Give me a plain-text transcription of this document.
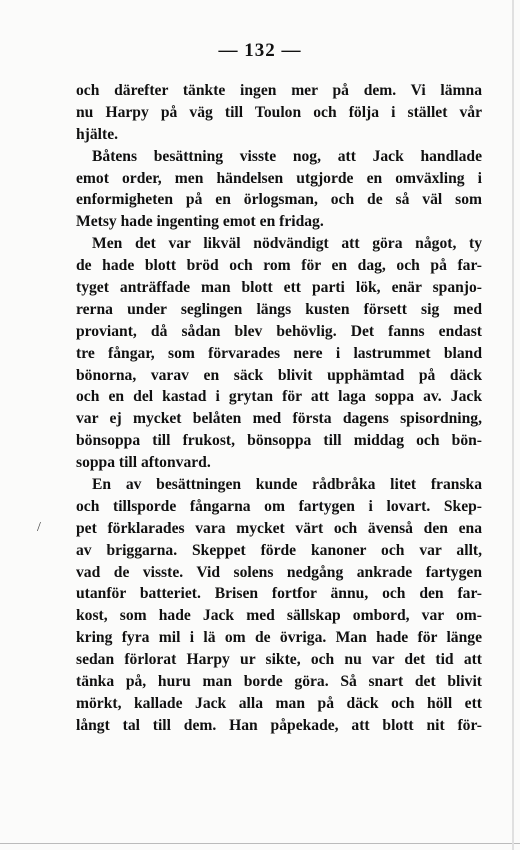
— 132 —
/
och därefter tänkte ingen mer på dem. Vi lämna
nu Harpy på väg till Toulon och följa i stället vår
hjälte.
Båtens besättning visste nog, att Jack handlade
emot order, men händelsen utgjorde en omväxling i
enformigheten på en örlogsman, och de så väl som
Metsy hade ingenting emot en fridag.
Men det var likväl nödvändigt att göra något, ty
de hade blott bröd och rom för en dag, och på far-
tyget anträffade man blott ett parti lök, enär spanjo-
rerna under seglingen längs kusten försett sig med
proviant, då sådan blev behövlig. Det fanns endast
tre fångar, som förvarades nere i lastrummet bland
bönorna, varav en säck blivit upphämtad på däck
och en del kastad i grytan för att laga soppa av. Jack
var ej mycket belåten med första dagens spisordning,
bönsoppa till frukost, bönsoppa till middag och bön-
soppa till aftonvard.
En av besättningen kunde rådbråka litet franska
och tillsporde fångarna om fartygen i lovart. Skep-
pet förklarades vara mycket värt och ävenså den ena
av briggarna. Skeppet förde kanoner och var allt,
vad de visste. Vid solens nedgång ankrade fartygen
utanför batteriet. Brisen fortfor ännu, och den far-
kost, som hade Jack med sällskap ombord, var om-
kring fyra mil i lä om de övriga. Man hade för länge
sedan förlorat Harpy ur sikte, och nu var det tid att
tänka på, huru man borde göra. Så snart det blivit
mörkt, kallade Jack alla man på däck och höll ett
långt tal till dem. Han påpekade, att blott nit för-
